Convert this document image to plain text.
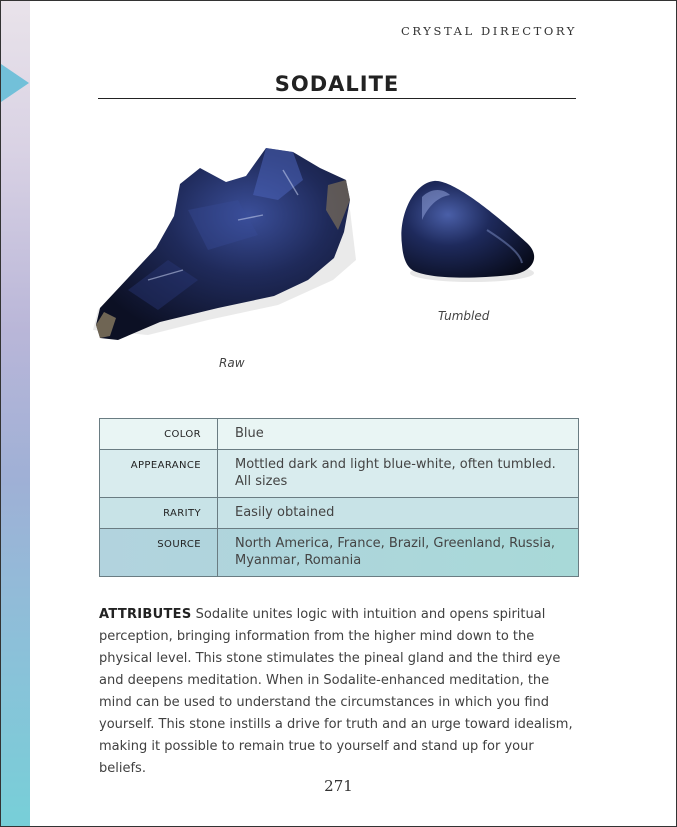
CRYSTAL DIRECTORY
SODALITE
Raw
Tumbled
COLOR	Blue
APPEARANCE	Mottled dark and light blue-white, often tumbled. All sizes
RARITY	Easily obtained
SOURCE	North America, France, Brazil, Greenland, Russia, Myanmar, Romania
ATTRIBUTES Sodalite unites logic with intuition and opens spiritual perception, bringing information from the higher mind down to the physical level. This stone stimulates the pineal gland and the third eye and deepens meditation. When in Sodalite-enhanced meditation, the mind can be used to understand the circumstances in which you find yourself. This stone instills a drive for truth and an urge toward idealism, making it possible to remain true to yourself and stand up for your beliefs.
271
